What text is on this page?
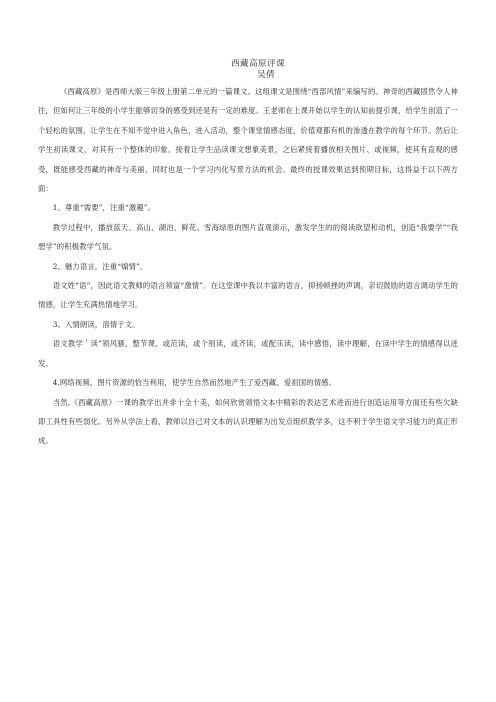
西藏高原评课
吴倩

《西藏高原》是西师大版三年级上册第二单元的一篇课文。这组课文是围绕“西部风情”来编写的。神奇的西藏固然令人神往，但如何让三年级的小学生能够切身的感受到还是有一定的难度。王老师在上课开始以学生的认知前提引课，给学生创造了一个轻松的氛围，让学生在不知不觉中进入角色，进入活动，整个课堂情感态度，价值观都有机的渗透在教学的每个环节。然后让学生初读课文，对其有一个整体的印象。接着让学生品读课文想象美景，之后紧接着播放相关图片、或视频，使其有直观的感受，既能感受西藏的神奇与美丽，同时也是一个学习内化写景方法的机会。最终的授课效果达到预期目标，这得益于以下两方面：

1、尊重“需要”，注重“激趣”。

教学过程中，播放蓝天、高山、湖泊、鲜花、雪海绿原的图片直观演示，激发学生的的阅读欲望和动机，创造“我要学”“我想学”的积极教学气氛。

2、魅力语言，注重“煽情”。

语文姓“语”，因此语文教师的语言须富“激情”．在这堂课中我以丰富的语言，抑扬顿挫的声调，亲切鼓励的语言调动学生的情感，让学生充满热情地学习。

3、入情朗读，溶情于文。

语文教学＇读”领风骚，整节课，或范读，或个别读，或齐读，或配乐读，读中感悟，读中理解，在读中学生的情感得以迸发。

4.网络视频、图片资源的恰当利用，使学生自然而然地产生了爱西藏、爱祖国的情感。

当然,《西藏高原》一课的教学出并非十全十美，如何欣赏领悟文本中精彩的表达艺术进而进行创造运用等方面还有些欠缺即工具性有些弱化。另外从学法上看，教师以自己对文本的认识理解为出发点组织教学多，这不利于学生语文学习能力的真正形成。
